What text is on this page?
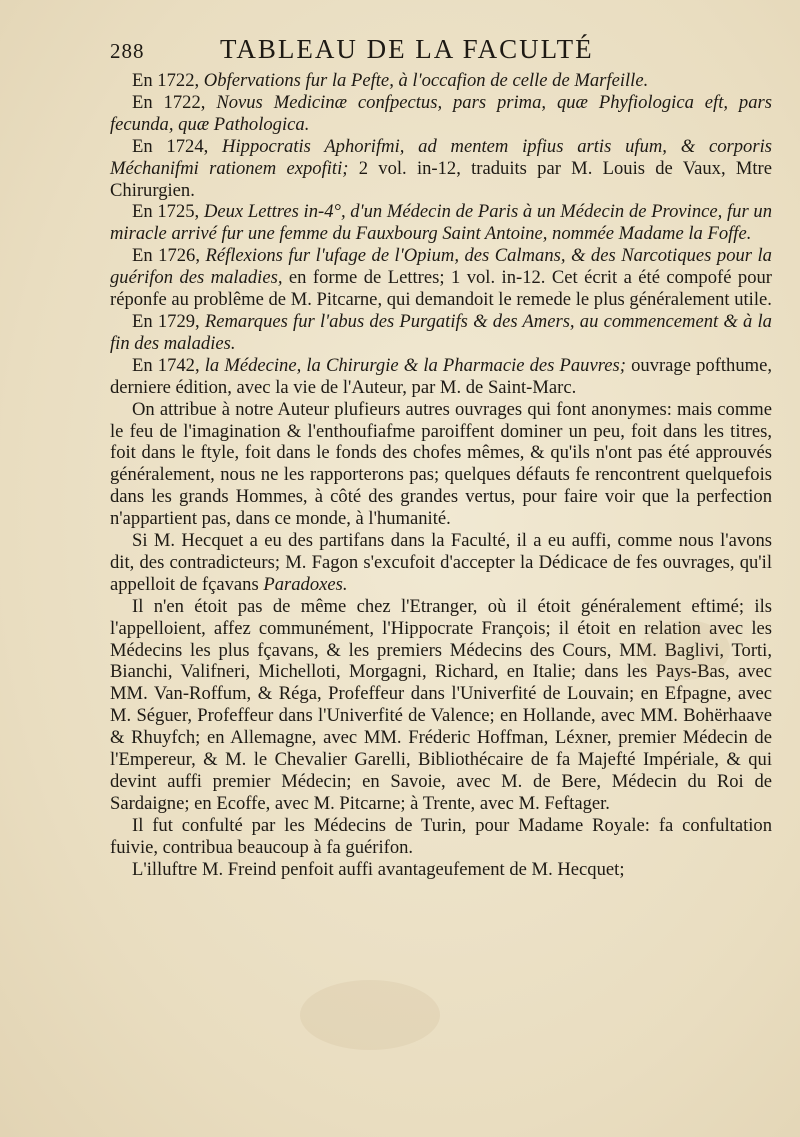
288	TABLEAU DE LA FACULTÉ

En 1722, Obfervations fur la Pefte, à l'occafion de celle de Marfeille.

En 1722, Novus Medicinæ confpectus, pars prima, quæ Phyfiologica eft, pars fecunda, quæ Pathologica.

En 1724, Hippocratis Aphorifmi, ad mentem ipfius artis ufum, & corporis Méchanifmi rationem expofiti; 2 vol. in-12, traduits par M. Louis de Vaux, Mtre Chirurgien.

En 1725, Deux Lettres in-4°, d'un Médecin de Paris à un Médecin de Province, fur un miracle arrivé fur une femme du Fauxbourg Saint Antoine, nommée Madame la Foffe.

En 1726, Réflexions fur l'ufage de l'Opium, des Calmans, & des Narcotiques pour la guérifon des maladies, en forme de Lettres; 1 vol. in-12. Cet écrit a été compofé pour réponfe au problême de M. Pitcarne, qui demandoit le remede le plus généralement utile.

En 1729, Remarques fur l'abus des Purgatifs & des Amers, au commencement & à la fin des maladies.

En 1742, la Médecine, la Chirurgie & la Pharmacie des Pauvres; ouvrage pofthume, derniere édition, avec la vie de l'Auteur, par M. de Saint-Marc.

On attribue à notre Auteur plufieurs autres ouvrages qui font anonymes: mais comme le feu de l'imagination & l'enthoufiafme paroiffent dominer un peu, foit dans les titres, foit dans le ftyle, foit dans le fonds des chofes mêmes, & qu'ils n'ont pas été approuvés généralement, nous ne les rapporterons pas; quelques défauts fe rencontrent quelquefois dans les grands Hommes, à côté des grandes vertus, pour faire voir que la perfection n'appartient pas, dans ce monde, à l'humanité.

Si M. Hecquet a eu des partifans dans la Faculté, il a eu auffi, comme nous l'avons dit, des contradicteurs; M. Fagon s'excufoit d'accepter la Dédicace de fes ouvrages, qu'il appelloit de fçavans Paradoxes.

Il n'en étoit pas de même chez l'Etranger, où il étoit généralement eftimé; ils l'appelloient, affez communément, l'Hippocrate François; il étoit en relation avec les Médecins les plus fçavans, & les premiers Médecins des Cours, MM. Baglivi, Torti, Bianchi, Valifneri, Michelloti, Morgagni, Richard, en Italie; dans les Pays-Bas, avec MM. Van-Roffum, & Réga, Profeffeur dans l'Univerfité de Louvain; en Efpagne, avec M. Séguer, Profeffeur dans l'Univerfité de Valence; en Hollande, avec MM. Bohërhaave & Rhuyfch; en Allemagne, avec MM. Fréderic Hoffman, Léxner, premier Médecin de l'Empereur, & M. le Chevalier Garelli, Bibliothécaire de fa Majefté Impériale, & qui devint auffi premier Médecin; en Savoie, avec M. de Bere, Médecin du Roi de Sardaigne; en Ecoffe, avec M. Pitcarne; à Trente, avec M. Feftager.

Il fut confulté par les Médecins de Turin, pour Madame Royale: fa confultation fuivie, contribua beaucoup à fa guérifon.

L'illuftre M. Freind penfoit auffi avantageufement de M. Hecquet;
